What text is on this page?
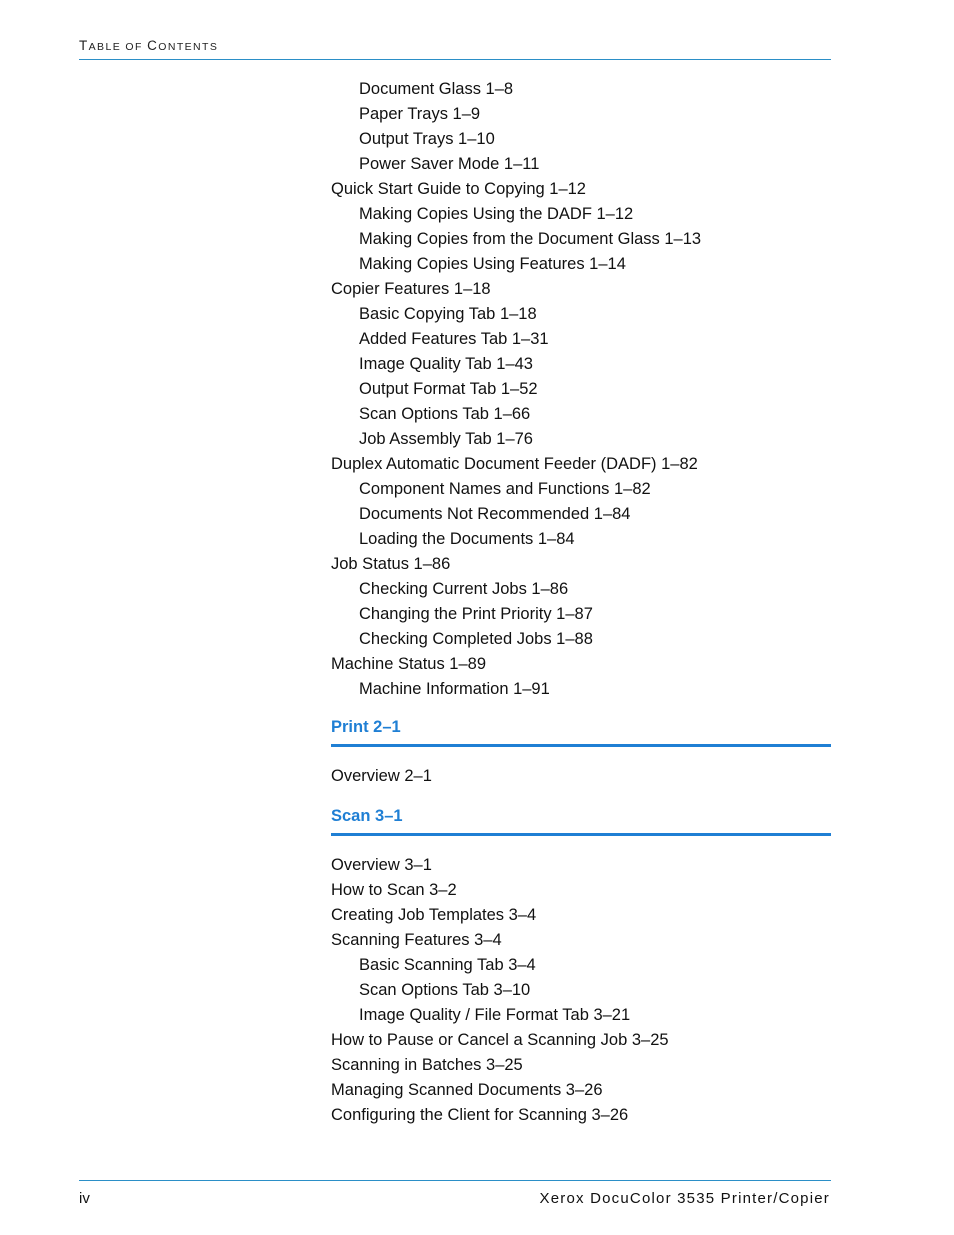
TABLE OF CONTENTS
Document Glass 1–8
Paper Trays 1–9
Output Trays 1–10
Power Saver Mode 1–11
Quick Start Guide to Copying 1–12
Making Copies Using the DADF 1–12
Making Copies from the Document Glass 1–13
Making Copies Using Features 1–14
Copier Features 1–18
Basic Copying Tab 1–18
Added Features Tab 1–31
Image Quality Tab 1–43
Output Format Tab 1–52
Scan Options Tab 1–66
Job Assembly Tab 1–76
Duplex Automatic Document Feeder (DADF) 1–82
Component Names and Functions 1–82
Documents Not Recommended 1–84
Loading the Documents 1–84
Job Status 1–86
Checking Current Jobs 1–86
Changing the Print Priority 1–87
Checking Completed Jobs 1–88
Machine Status 1–89
Machine Information 1–91
Print 2–1
Overview 2–1
Scan 3–1
Overview 3–1
How to Scan 3–2
Creating Job Templates 3–4
Scanning Features 3–4
Basic Scanning Tab 3–4
Scan Options Tab 3–10
Image Quality / File Format Tab 3–21
How to Pause or Cancel a Scanning Job 3–25
Scanning in Batches 3–25
Managing Scanned Documents 3–26
Configuring the Client for Scanning 3–26
iv	Xerox DocuColor 3535 Printer/Copier
